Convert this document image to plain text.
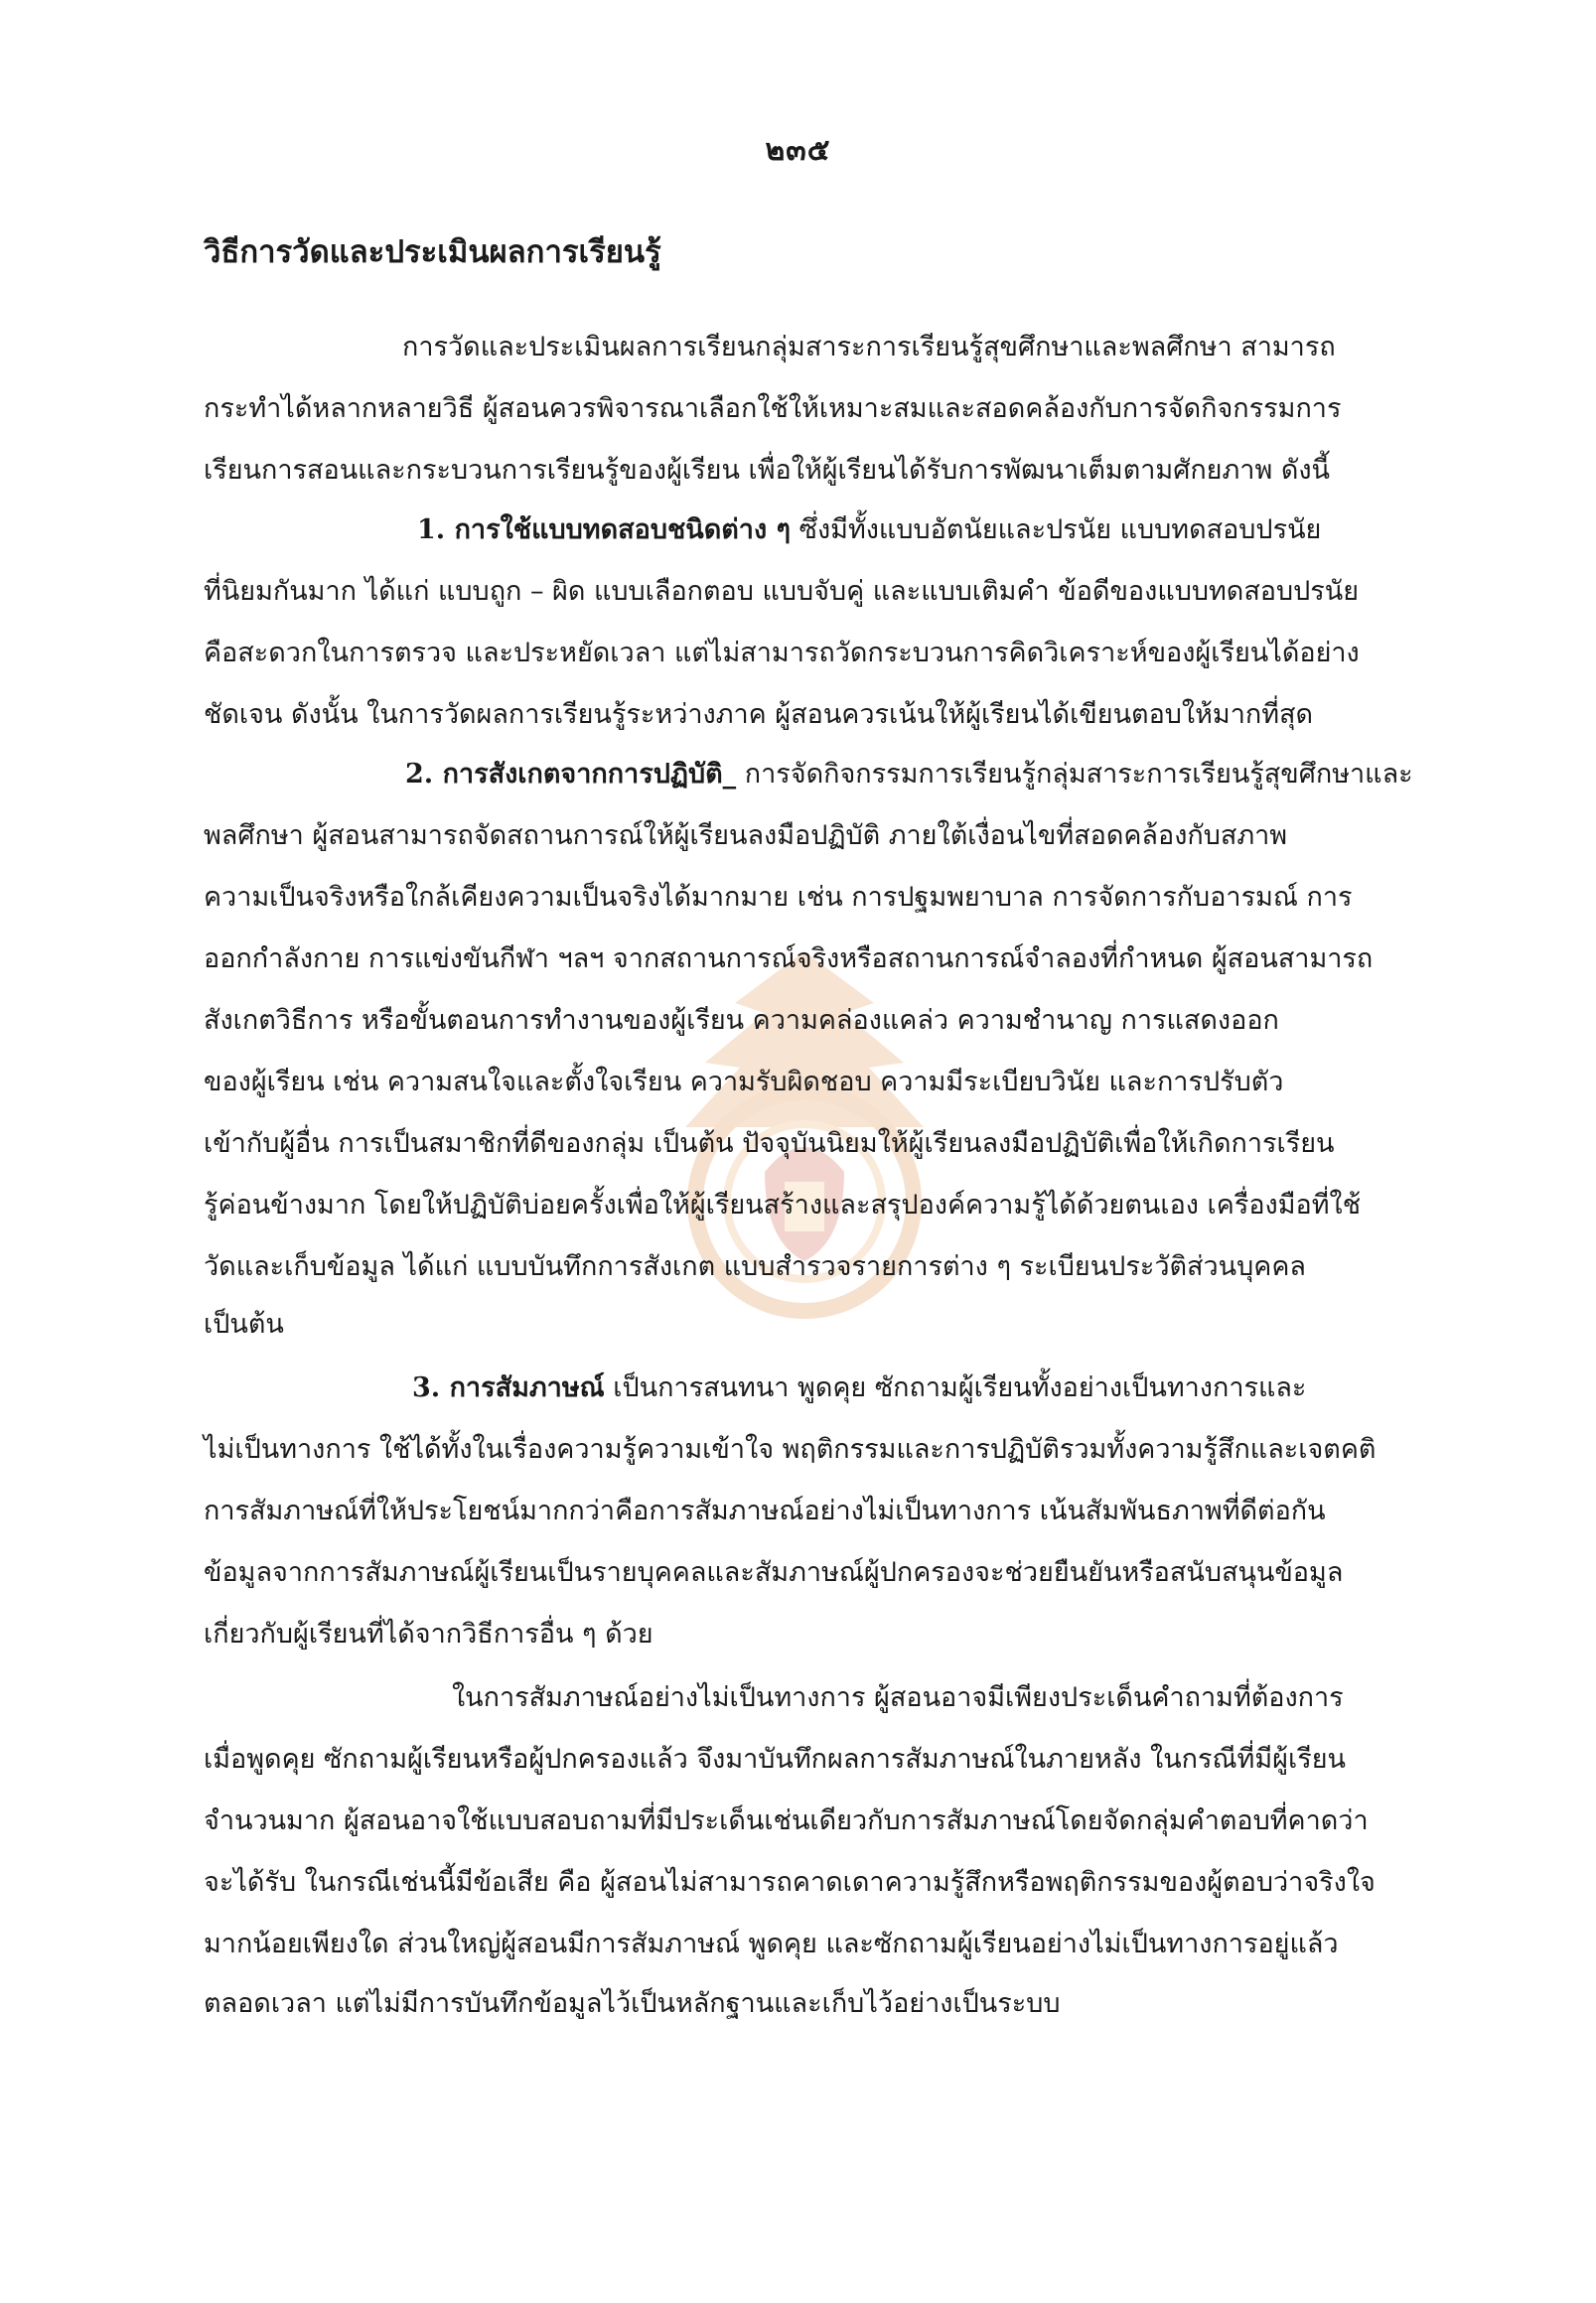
๒๓๕
วิธีการวัดและประเมินผลการเรียนรู้
การวัดและประเมินผลการเรียนกลุ่มสาระการเรียนรู้สุขศึกษาและพลศึกษา สามารถ
กระทำได้หลากหลายวิธี ผู้สอนควรพิจารณาเลือกใช้ให้เหมาะสมและสอดคล้องกับการจัดกิจกรรมการ
เรียนการสอนและกระบวนการเรียนรู้ของผู้เรียน เพื่อให้ผู้เรียนได้รับการพัฒนาเต็มตามศักยภาพ ดังนี้
1. การใช้แบบทดสอบชนิดต่าง ๆ ซึ่งมีทั้งแบบอัตนัยและปรนัย แบบทดสอบปรนัย
ที่นิยมกันมาก ได้แก่ แบบถูก – ผิด แบบเลือกตอบ แบบจับคู่ และแบบเติมคำ ข้อดีของแบบทดสอบปรนัย
คือสะดวกในการตรวจ และประหยัดเวลา แต่ไม่สามารถวัดกระบวนการคิดวิเคราะห์ของผู้เรียนได้อย่าง
ชัดเจน ดังนั้น ในการวัดผลการเรียนรู้ระหว่างภาค ผู้สอนควรเน้นให้ผู้เรียนได้เขียนตอบให้มากที่สุด
2. การสังเกตจากการปฏิบัติ_ การจัดกิจกรรมการเรียนรู้กลุ่มสาระการเรียนรู้สุขศึกษาและ
พลศึกษา ผู้สอนสามารถจัดสถานการณ์ให้ผู้เรียนลงมือปฏิบัติ ภายใต้เงื่อนไขที่สอดคล้องกับสภาพ
ความเป็นจริงหรือใกล้เคียงความเป็นจริงได้มากมาย เช่น การปฐมพยาบาล การจัดการกับอารมณ์ การ
ออกกำลังกาย การแข่งขันกีฬา ฯลฯ จากสถานการณ์จริงหรือสถานการณ์จำลองที่กำหนด ผู้สอนสามารถ
สังเกตวิธีการ หรือขั้นตอนการทำงานของผู้เรียน ความคล่องแคล่ว ความชำนาญ การแสดงออก
ของผู้เรียน เช่น ความสนใจและตั้งใจเรียน ความรับผิดชอบ ความมีระเบียบวินัย และการปรับตัว
เข้ากับผู้อื่น การเป็นสมาชิกที่ดีของกลุ่ม เป็นต้น ปัจจุบันนิยมให้ผู้เรียนลงมือปฏิบัติเพื่อให้เกิดการเรียน
รู้ค่อนข้างมาก โดยให้ปฏิบัติบ่อยครั้งเพื่อให้ผู้เรียนสร้างและสรุปองค์ความรู้ได้ด้วยตนเอง เครื่องมือที่ใช้
วัดและเก็บข้อมูล ได้แก่ แบบบันทึกการสังเกต แบบสำรวจรายการต่าง ๆ ระเบียนประวัติส่วนบุคคล
เป็นต้น
3. การสัมภาษณ์ เป็นการสนทนา พูดคุย ซักถามผู้เรียนทั้งอย่างเป็นทางการและ
ไม่เป็นทางการ ใช้ได้ทั้งในเรื่องความรู้ความเข้าใจ พฤติกรรมและการปฏิบัติรวมทั้งความรู้สึกและเจตคติ
การสัมภาษณ์ที่ให้ประโยชน์มากกว่าคือการสัมภาษณ์อย่างไม่เป็นทางการ เน้นสัมพันธภาพที่ดีต่อกัน
ข้อมูลจากการสัมภาษณ์ผู้เรียนเป็นรายบุคคลและสัมภาษณ์ผู้ปกครองจะช่วยยืนยันหรือสนับสนุนข้อมูล
เกี่ยวกับผู้เรียนที่ได้จากวิธีการอื่น ๆ ด้วย
ในการสัมภาษณ์อย่างไม่เป็นทางการ ผู้สอนอาจมีเพียงประเด็นคำถามที่ต้องการ
เมื่อพูดคุย ซักถามผู้เรียนหรือผู้ปกครองแล้ว จึงมาบันทึกผลการสัมภาษณ์ในภายหลัง ในกรณีที่มีผู้เรียน
จำนวนมาก ผู้สอนอาจใช้แบบสอบถามที่มีประเด็นเช่นเดียวกับการสัมภาษณ์โดยจัดกลุ่มคำตอบที่คาดว่า
จะได้รับ ในกรณีเช่นนี้มีข้อเสีย คือ ผู้สอนไม่สามารถคาดเดาความรู้สึกหรือพฤติกรรมของผู้ตอบว่าจริงใจ
มากน้อยเพียงใด ส่วนใหญ่ผู้สอนมีการสัมภาษณ์ พูดคุย และซักถามผู้เรียนอย่างไม่เป็นทางการอยู่แล้ว
ตลอดเวลา แต่ไม่มีการบันทึกข้อมูลไว้เป็นหลักฐานและเก็บไว้อย่างเป็นระบบ
